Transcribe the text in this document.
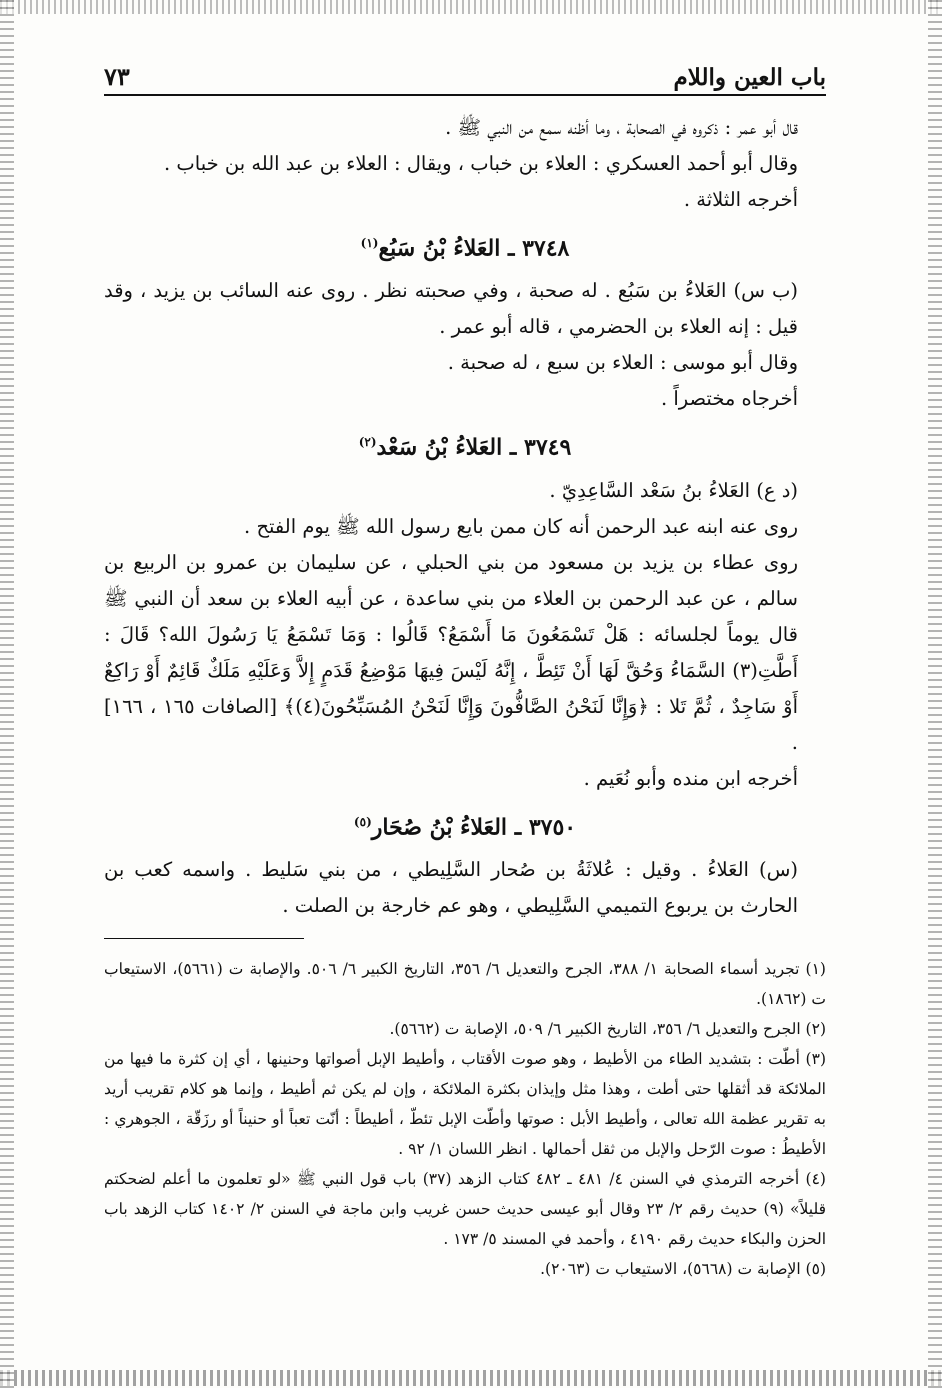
باب العين واللام
٧٣

قال أبو عمر : ذكروه في الصحابة ، وما أظنه سمع من النبي ﷺ .

وقال أبو أحمد العسكري : العلاء بن خباب ، ويقال : العلاء بن عبد الله بن خباب .

أخرجه الثلاثة .

٣٧٤٨ ـ العَلاءُ بْنُ سَبُع$^{(١)}$

(ب س) العَلاءُ بن سَبُع . له صحبة ، وفي صحبته نظر . روى عنه السائب بن يزيد ، وقد قيل : إنه العلاء بن الحضرمي ، قاله أبو عمر .

وقال أبو موسى : العلاء بن سبع ، له صحبة .

أخرجاه مختصراً .

٣٧٤٩ ـ العَلاءُ بْنُ سَعْد$^{(٢)}$

(د ع) العَلاءُ بنُ سَعْد السَّاعِدِيّ .

روى عنه ابنه عبد الرحمن أنه كان ممن بايع رسول الله ﷺ يوم الفتح .

روى عطاء بن يزيد بن مسعود من بني الحبلي ، عن سليمان بن عمرو بن الربيع بن سالم ، عن عبد الرحمن بن العلاء من بني ساعدة ، عن أبيه العلاء بن سعد أن النبي ﷺ قال يوماً لجلسائه : هَلْ تَسْمَعُونَ مَا أَسْمَعُ؟ قَالُوا : وَمَا تَسْمَعُ يَا رَسُولَ الله؟ قَالَ : أَطَّتِ(٣) السَّمَاءُ وَحُقَّ لَهَا أَنْ تَئِطَّ ، إِنَّهُ لَيْسَ فِيهَا مَوْضِعُ قَدَمٍ إِلاَّ وَعَلَيْهِ مَلَكٌ قَائِمٌ أَوْ رَاكِعٌ أَوْ سَاجِدٌ ، ثُمَّ تَلا : ﴿وَإِنَّا لَنَحْنُ الصَّافُّونَ وَإِنَّا لَنَحْنُ المُسَبِّحُونَ(٤)﴾ [الصافات ١٦٥ ، ١٦٦] .

أخرجه ابن منده وأبو نُعَيم .

٣٧٥٠ ـ العَلاءُ بْنُ صُحَار$^{(٥)}$

(س) العَلاءُ . وقيل : عُلاثَةُ بن صُحار السَّلِيطي ، من بني سَليط . واسمه كعب بن الحارث بن يربوع التميمي السَّلِيطي ، وهو عم خارجة بن الصلت .

(١) تجريد أسماء الصحابة ١/ ٣٨٨، الجرح والتعديل ٦/ ٣٥٦، التاريخ الكبير ٦/ ٥٠٦. والإصابة ت (٥٦٦١)، الاستيعاب ت (١٨٦٢).

(٢) الجرح والتعديل ٦/ ٣٥٦، التاريخ الكبير ٦/ ٥٠٩، الإصابة ت (٥٦٦٢).

(٣) أطّت : بتشديد الطاء من الأطيط ، وهو صوت الأقتاب ، وأطيط الإبل أصواتها وحنينها ، أي إن كثرة ما فيها من الملائكة قد أثقلها حتى أطت ، وهذا مثل وإيذان بكثرة الملائكة ، وإن لم يكن ثم أطيط ، وإنما هو كلام تقريب أريد به تقرير عظمة الله تعالى ، وأطيط الأبل : صوتها وأطّت الإبل تئطّ ، أطيطاً : أنّت تعباً أو حنيناً أو رزَقّة ، الجوهري : الأطيطُ : صوت الرّحل والإبل من ثقل أحمالها . انظر اللسان ١/ ٩٢ .

(٤) أخرجه الترمذي في السنن ٤/ ٤٨١ ـ ٤٨٢ كتاب الزهد (٣٧) باب قول النبي ﷺ «لو تعلمون ما أعلم لضحكتم قليلاً» (٩) حديث رقم ٢/ ٢٣ وقال أبو عيسى حديث حسن غريب وابن ماجة في السنن ٢/ ١٤٠٢ كتاب الزهد باب الحزن والبكاء حديث رقم ٤١٩٠ ، وأحمد في المسند ٥/ ١٧٣ .

(٥) الإصابة ت (٥٦٦٨)، الاستيعاب ت (٢٠٦٣).
